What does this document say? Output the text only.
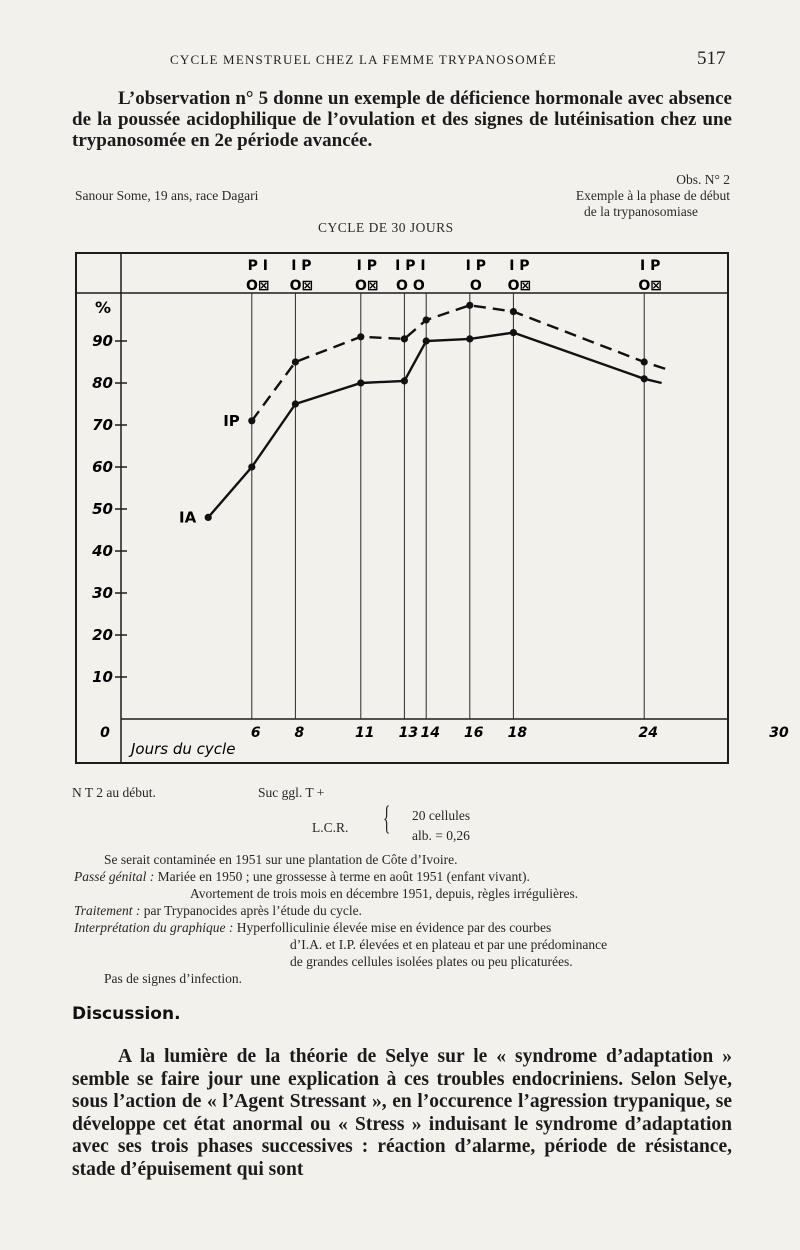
CYCLE MENSTRUEL CHEZ LA FEMME TRYPANOSOMÉE	517

L’observation n° 5 donne un exemple de déficience hormonale avec absence de la poussée acidophilique de l’ovulation et des signes de lutéinisation chez une trypanosomée en 2e période avancée.

Obs. N° 2
Sanour Some, 19 ans, race Dagari	Exemple à la phase de début
de la trypanosomiase
CYCLE DE 30 JOURS
%
Jours du cycle
90
80
70
60
50
40
30
20
10
0	6 8	11 13 14 16 18	24	30
P I
O⊠
I P
O⊠
I P
O⊠
I P I
O O
I P
O
I P
O⊠
I P
O⊠
IA
IP
N T 2 au début.	Suc ggl. T +
L.C.R. { 20 cellules
alb. = 0,26
Se serait contaminée en 1951 sur une plantation de Côte d’Ivoire.
Passé génital : Mariée en 1950 ; une grossesse à terme en août 1951 (enfant vivant).
Avortement de trois mois en décembre 1951, depuis, règles irrégulières.
Traitement : par Trypanocides après l’étude du cycle.
Interprétation du graphique : Hyperfolliculinie élevée mise en évidence par des courbes
d’I.A. et I.P. élevées et en plateau et par une prédominance
de grandes cellules isolées plates ou peu plicaturées.
Pas de signes d’infection.
Discussion.

A la lumière de la théorie de Selye sur le « syndrome d’adaptation » semble se faire jour une explication à ces troubles endocriniens. Selon Selye, sous l’action de « l’Agent Stressant », en l’occurence l’agression trypanique, se développe cet état anormal ou « Stress » induisant le syndrome d’adaptation avec ses trois phases successives : réaction d’alarme, période de résistance, stade d’épuisement qui sont
